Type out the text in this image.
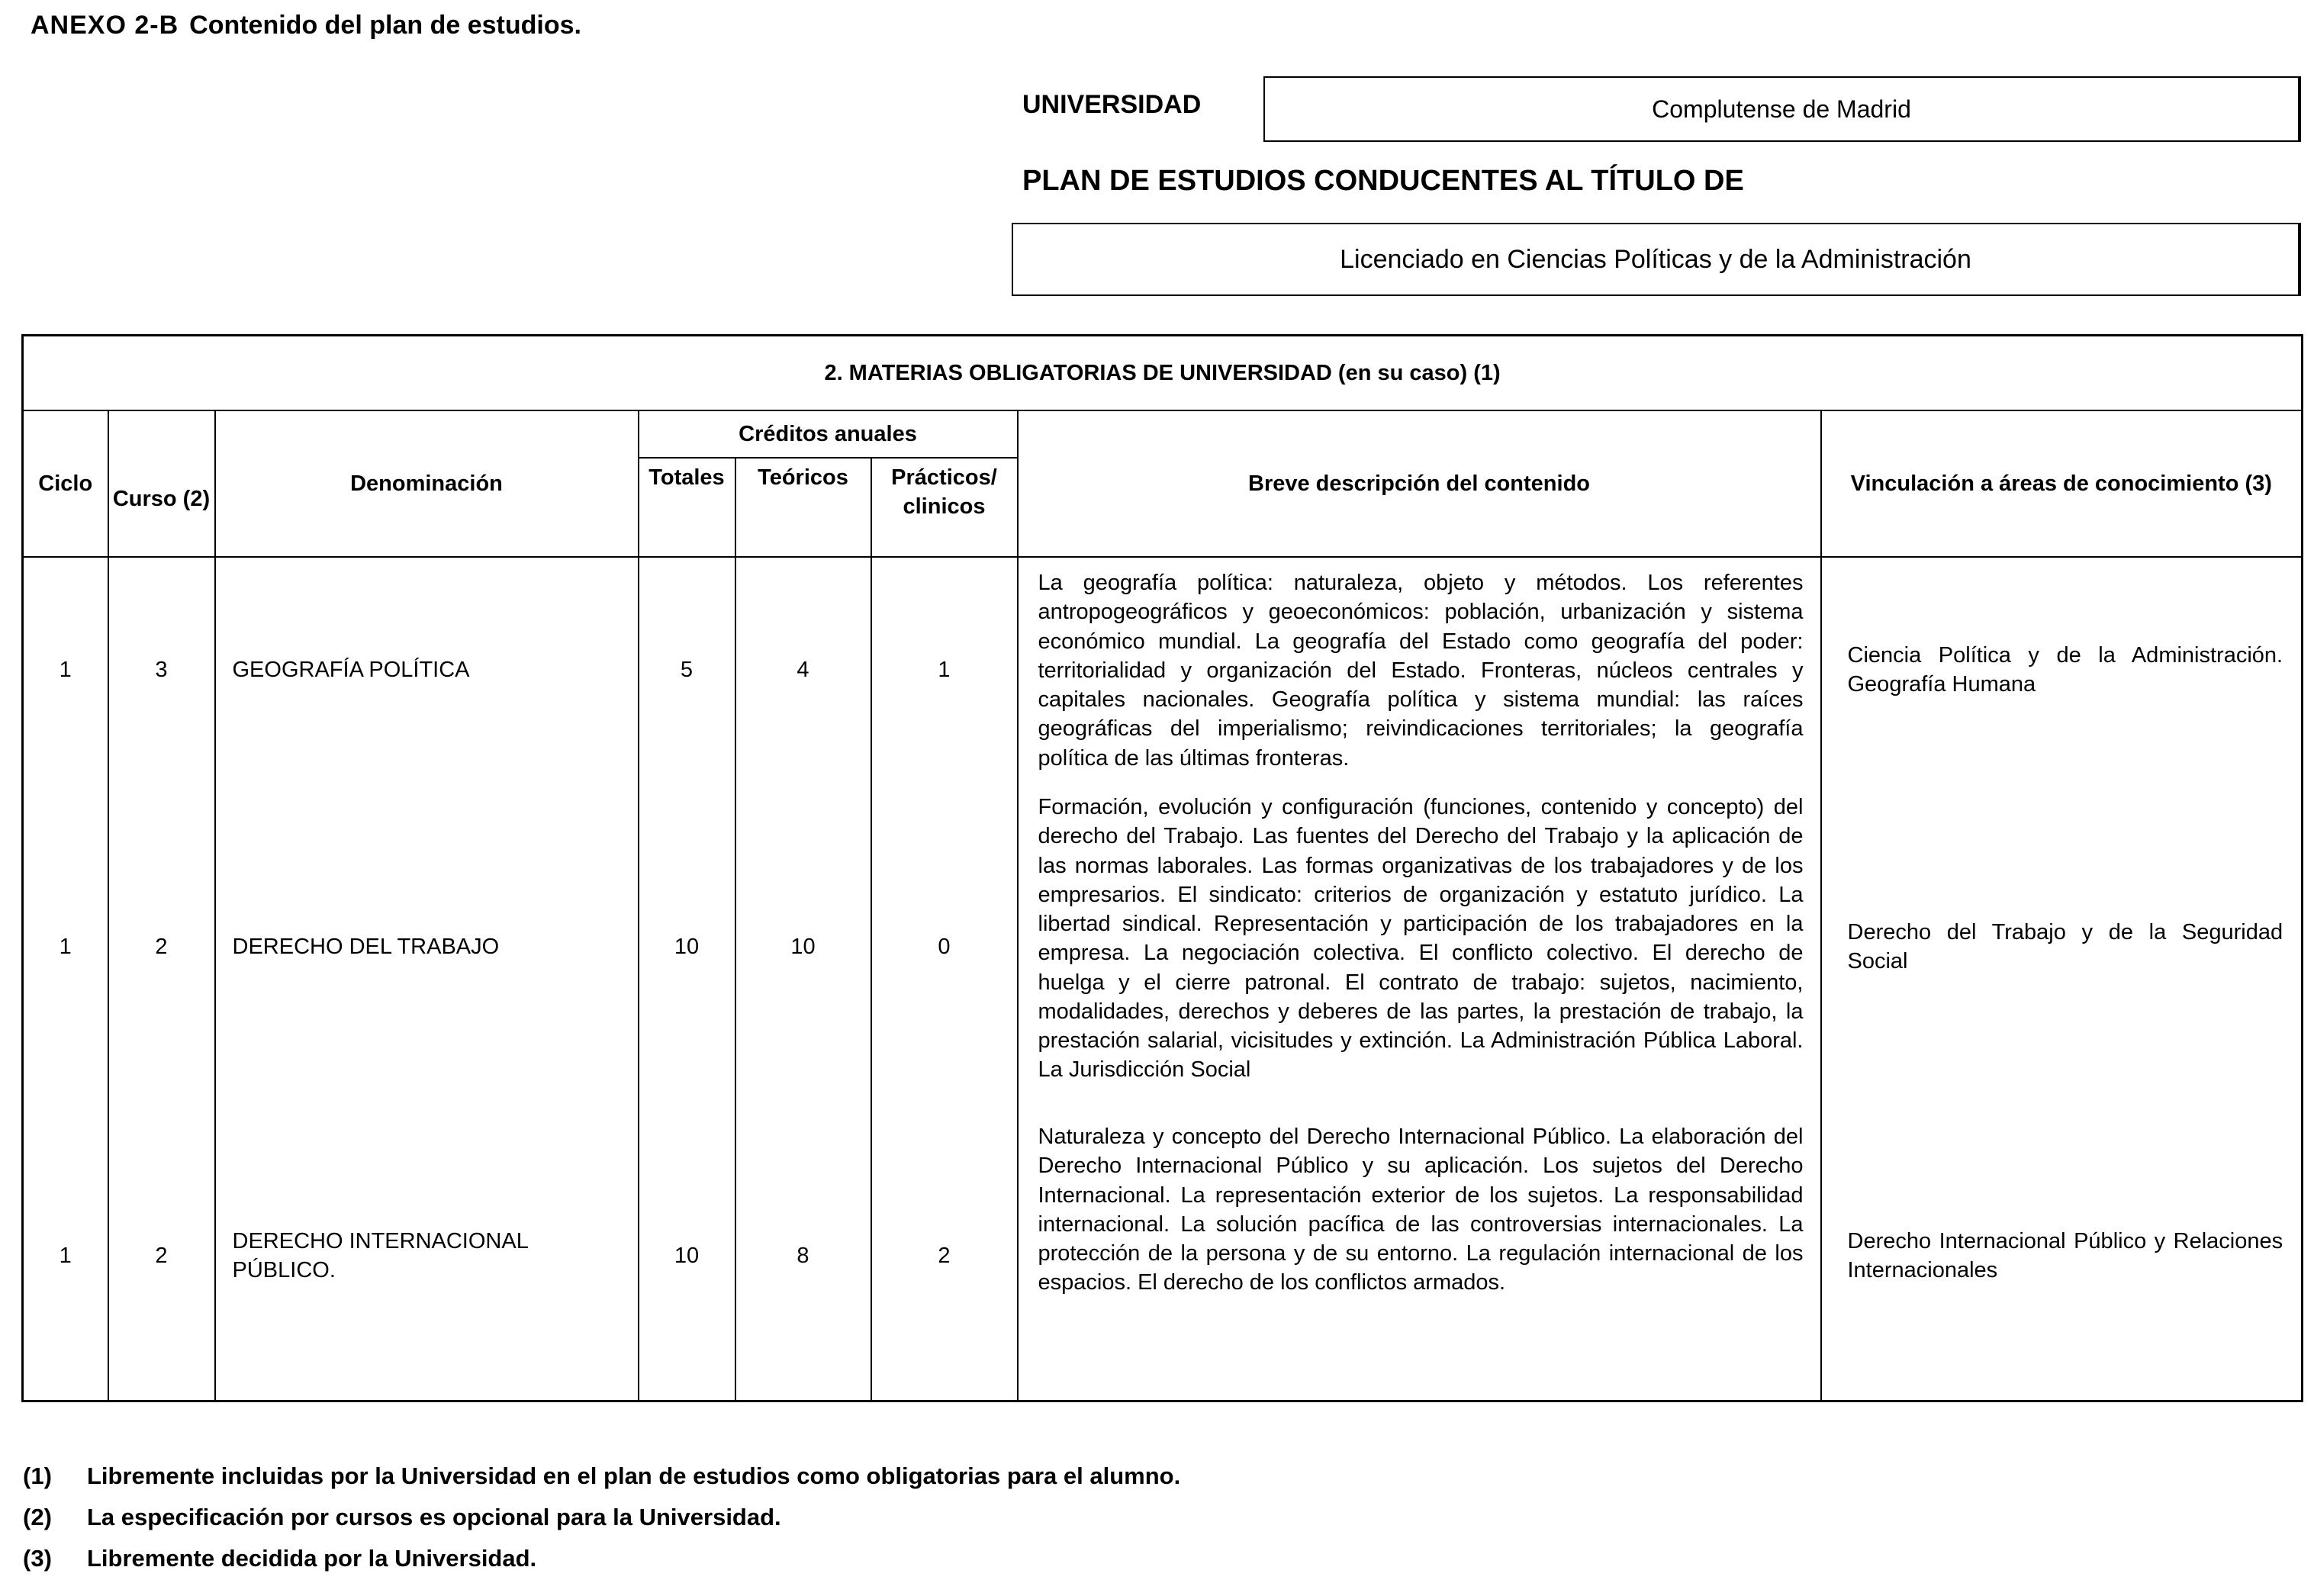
ANEXO 2-B Contenido del plan de estudios.
UNIVERSIDAD	Complutense de Madrid
PLAN DE ESTUDIOS CONDUCENTES AL TÍTULO DE
Licenciado en Ciencias Políticas y de la Administración
2. MATERIAS OBLIGATORIAS DE UNIVERSIDAD (en su caso) (1)							
Ciclo	Curso (2)	Denominación	Créditos anuales			Breve descripción del contenido	Vinculación a áreas de conocimiento (3)
			Totales	Teóricos	Prácticos/ clinicos		
1	3	GEOGRAFÍA POLÍTICA	5	4	1	La geografía política: naturaleza, objeto y métodos. Los referentes antropogeográficos y geoeconómicos: población, urbanización y sistema económico mundial. La geografía del Estado como geografía del poder: territorialidad y organización del Estado. Fronteras, núcleos centrales y capitales nacionales. Geografía política y sistema mundial: las raíces geográficas del imperialismo; reivindicaciones territoriales; la geografía política de las últimas fronteras.	Ciencia Política y de la Administración. Geografía Humana
1	2	DERECHO DEL TRABAJO	10	10	0	Formación, evolución y configuración (funciones, contenido y concepto) del derecho del Trabajo. Las fuentes del Derecho del Trabajo y la aplicación de las normas laborales. Las formas organizativas de los trabajadores y de los empresarios. El sindicato: criterios de organización y estatuto jurídico. La libertad sindical. Representación y participación de los trabajadores en la empresa. La negociación colectiva. El conflicto colectivo. El derecho de huelga y el cierre patronal. El contrato de trabajo: sujetos, nacimiento, modalidades, derechos y deberes de las partes, la prestación de trabajo, la prestación salarial, vicisitudes y extinción. La Administración Pública Laboral. La Jurisdicción Social	Derecho del Trabajo y de la Seguridad Social
1	2	DERECHO INTERNACIONAL PÚBLICO.	10	8	2	Naturaleza y concepto del Derecho Internacional Público. La elaboración del Derecho Internacional Público y su aplicación. Los sujetos del Derecho Internacional. La representación exterior de los sujetos. La responsabilidad internacional. La solución pacífica de las controversias internacionales. La protección de la persona y de su entorno. La regulación internacional de los espacios. El derecho de los conflictos armados.	Derecho Internacional Público y Relaciones Internacionales
(1)	Libremente incluidas por la Universidad en el plan de estudios como obligatorias para el alumno.
(2)	La especificación por cursos es opcional para la Universidad.
(3)	Libremente decidida por la Universidad.
